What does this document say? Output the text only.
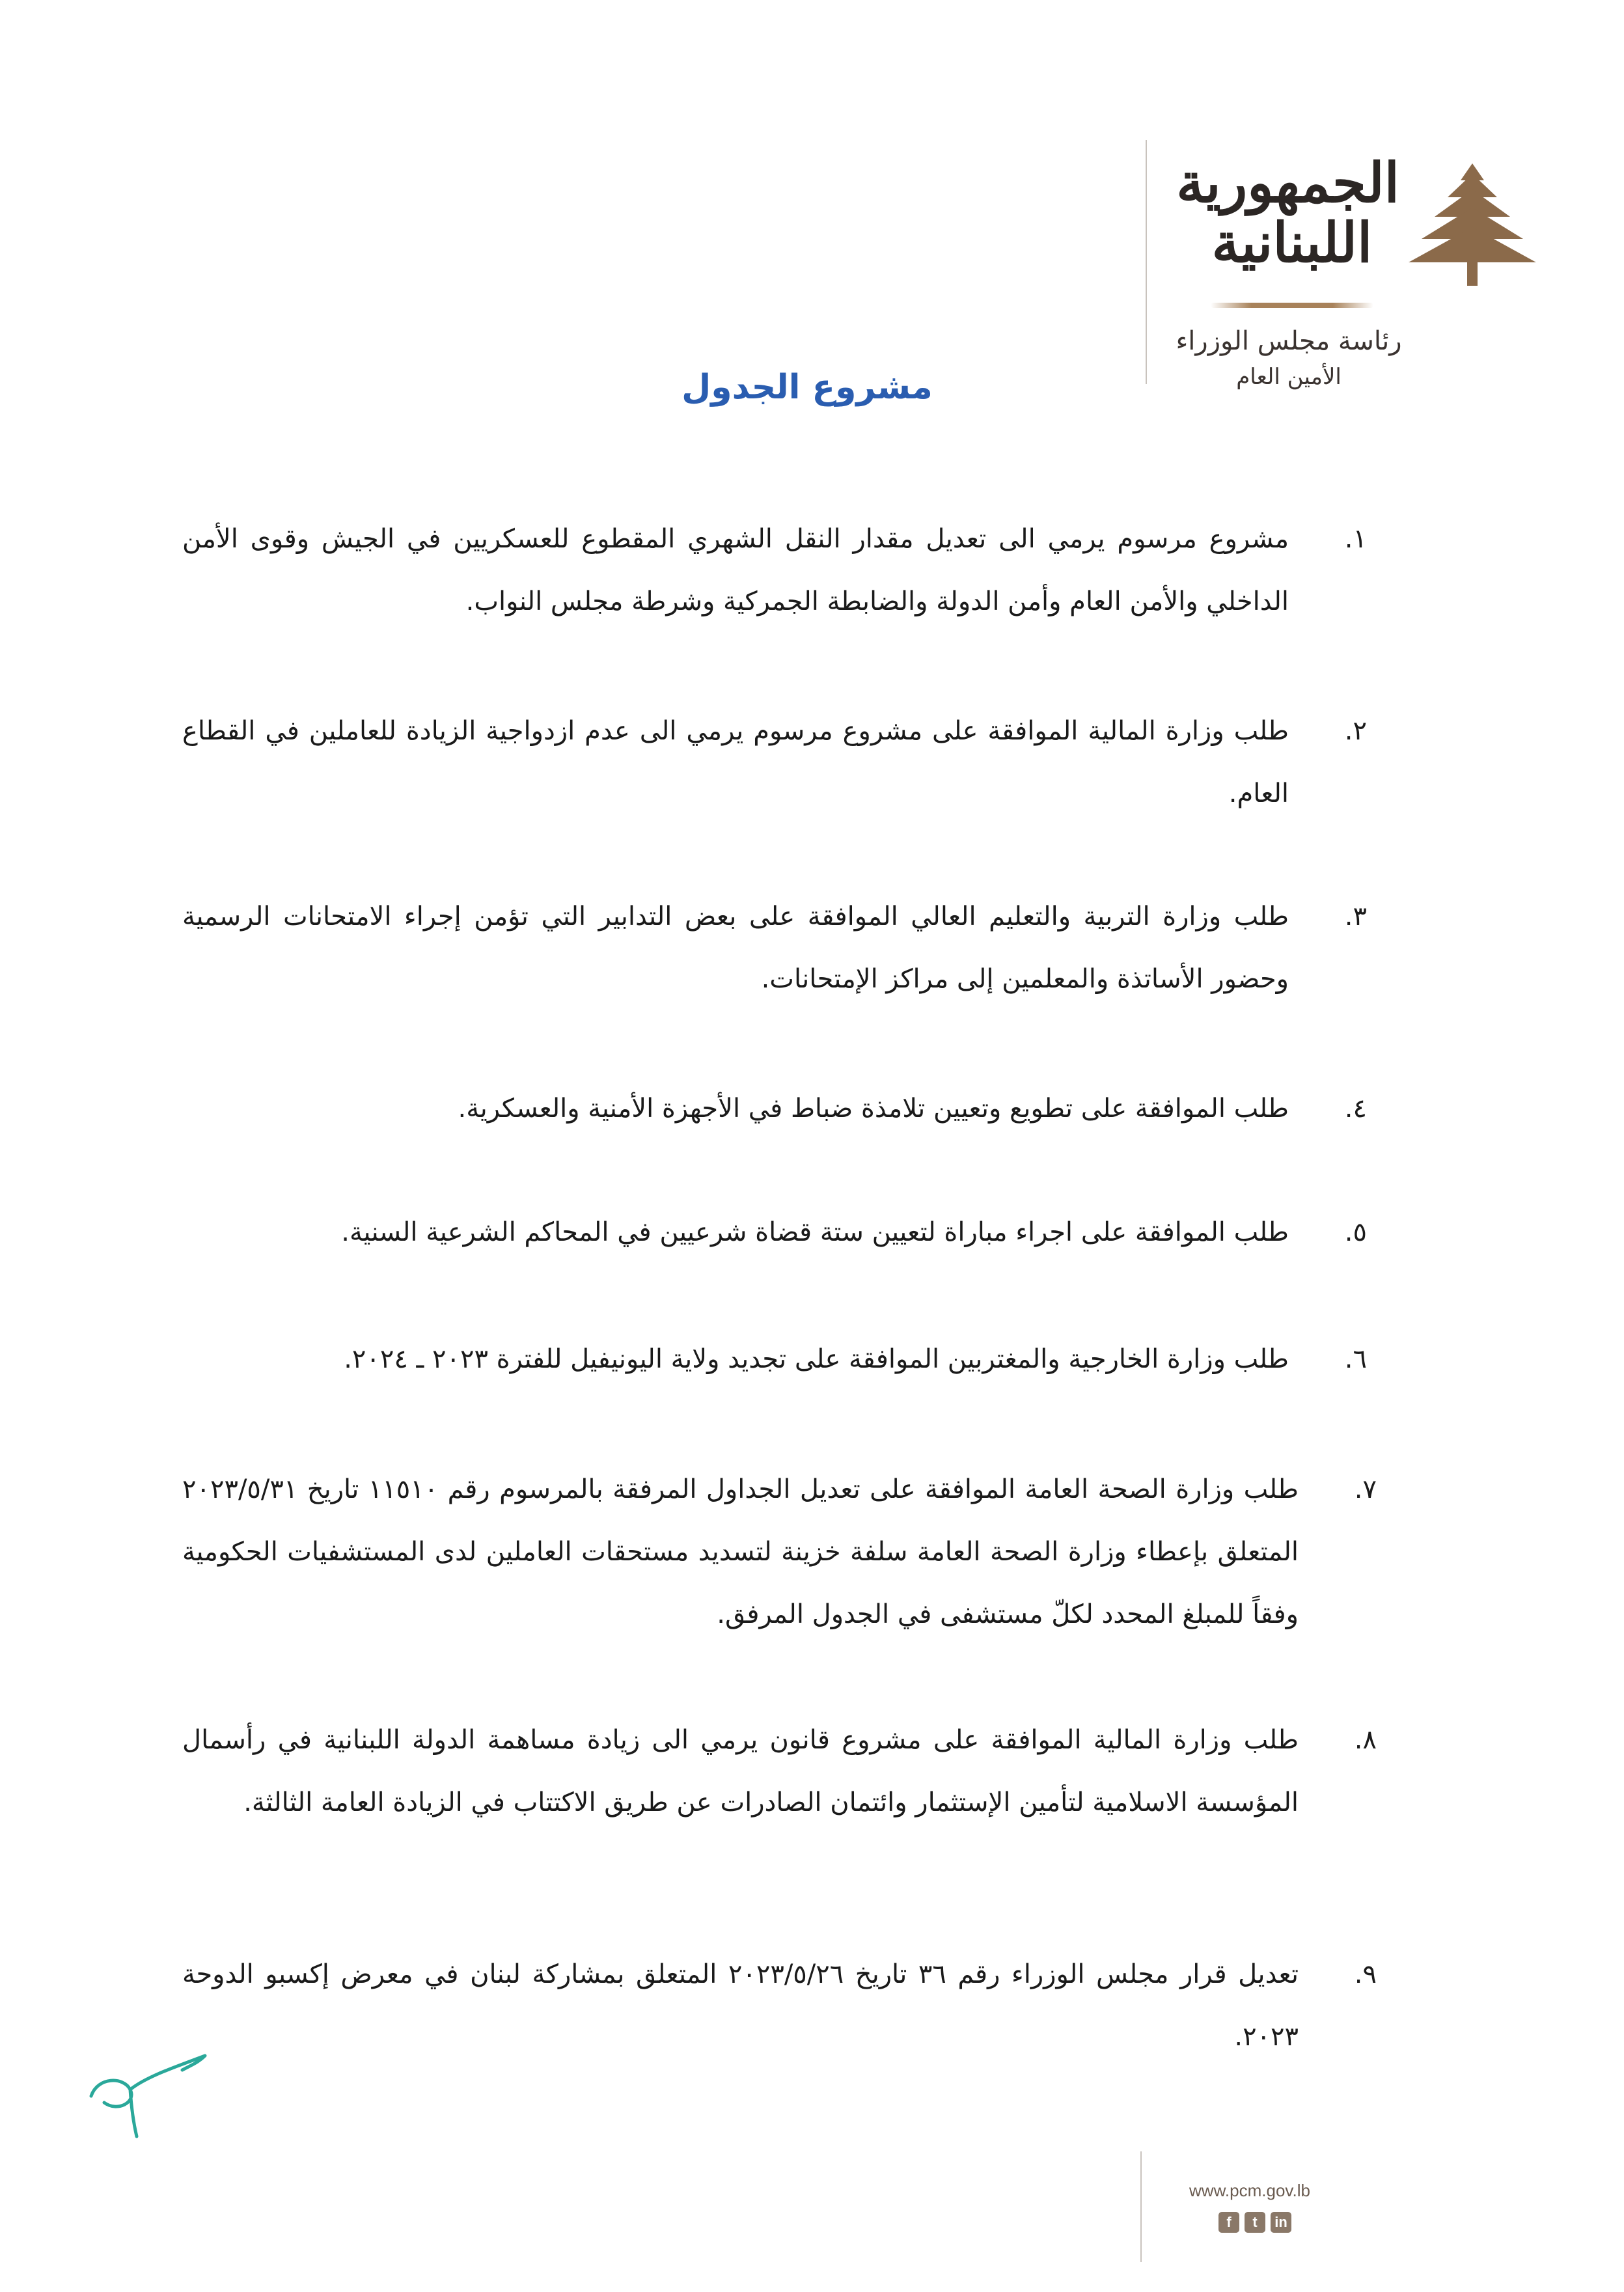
الجمهورية
اللبنانية
رئاسة مجلس الوزراء
الأمين العام
مشروع الجدول
١.
مشروع مرسوم يرمي الى تعديل مقدار النقل الشهري المقطوع للعسكريين في الجيش وقوى الأمن الداخلي والأمن العام وأمن الدولة والضابطة الجمركية وشرطة مجلس النواب.
٢.
طلب وزارة المالية الموافقة على مشروع مرسوم يرمي الى عدم ازدواجية الزيادة للعاملين في القطاع العام.
٣.
طلب وزارة التربية والتعليم العالي الموافقة على بعض التدابير التي تؤمن إجراء الامتحانات الرسمية وحضور الأساتذة والمعلمين إلى مراكز الإمتحانات.
٤.
طلب الموافقة على تطويع وتعيين تلامذة ضباط في الأجهزة الأمنية والعسكرية.
٥.
طلب الموافقة على اجراء مباراة لتعيين ستة قضاة شرعيين في المحاكم الشرعية السنية.
٦.
طلب وزارة الخارجية والمغتربين الموافقة على تجديد ولاية اليونيفيل للفترة ٢٠٢٣ ـ ٢٠٢٤.
٧.
طلب وزارة الصحة العامة الموافقة على تعديل الجداول المرفقة بالمرسوم رقم ١١٥١٠ تاريخ ٢٠٢٣/٥/٣١ المتعلق بإعطاء وزارة الصحة العامة سلفة خزينة لتسديد مستحقات العاملين لدى المستشفيات الحكومية وفقاً للمبلغ المحدد لكلّ مستشفى في الجدول المرفق.
٨.
طلب وزارة المالية الموافقة على مشروع قانون يرمي الى زيادة مساهمة الدولة اللبنانية في رأسمال المؤسسة الاسلامية لتأمين الإستثمار وائتمان الصادرات عن طريق الاكتتاب في الزيادة العامة الثالثة.
٩.
تعديل قرار مجلس الوزراء رقم ٣٦ تاريخ ٢٠٢٣/٥/٢٦ المتعلق بمشاركة لبنان في معرض إكسبو الدوحة ٢٠٢٣.
www.pcm.gov.lb
f	t	in
